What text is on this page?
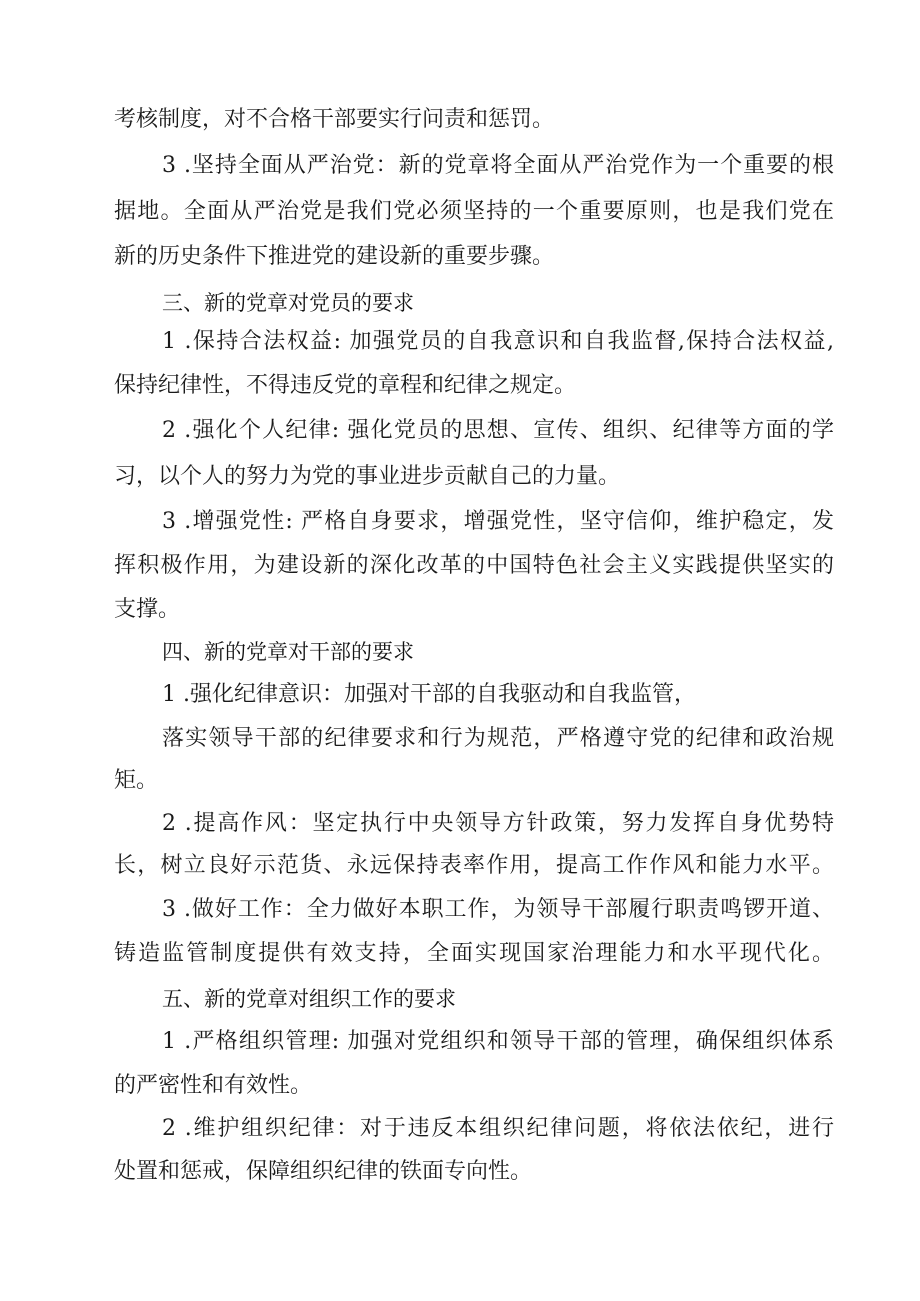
考核制度，对不合格干部要实行问责和惩罚。
3 .坚持全面从严治党：新的党章将全面从严治党作为一个重要的根
据地。全面从严治党是我们党必须坚持的一个重要原则，也是我们党在
新的历史条件下推进党的建设新的重要步骤。
三、新的党章对党员的要求
1 .保持合法权益: 加强党员的自我意识和自我监督,保持合法权益,
保持纪律性，不得违反党的章程和纪律之规定。
2 .强化个人纪律: 强化党员的思想、宣传、组织、纪律等方面的学
习，以个人的努力为党的事业进步贡献自己的力量。
3 .增强党性: 严格自身要求，增强党性，坚守信仰，维护稳定，发
挥积极作用，为建设新的深化改革的中国特色社会主义实践提供坚实的
支撑。
四、新的党章对干部的要求
1 .强化纪律意识：加强对干部的自我驱动和自我监管，
落实领导干部的纪律要求和行为规范，严格遵守党的纪律和政治规
矩。
2 .提高作风：坚定执行中央领导方针政策，努力发挥自身优势特
长，树立良好示范货、永远保持表率作用，提高工作作风和能力水平。
3 .做好工作：全力做好本职工作，为领导干部履行职责鸣锣开道、
铸造监管制度提供有效支持，全面实现国家治理能力和水平现代化。
五、新的党章对组织工作的要求
1 .严格组织管理: 加强对党组织和领导干部的管理，确保组织体系
的严密性和有效性。
2 .维护组织纪律：对于违反本组织纪律问题，将依法依纪，进行
处置和惩戒，保障组织纪律的铁面专向性。
